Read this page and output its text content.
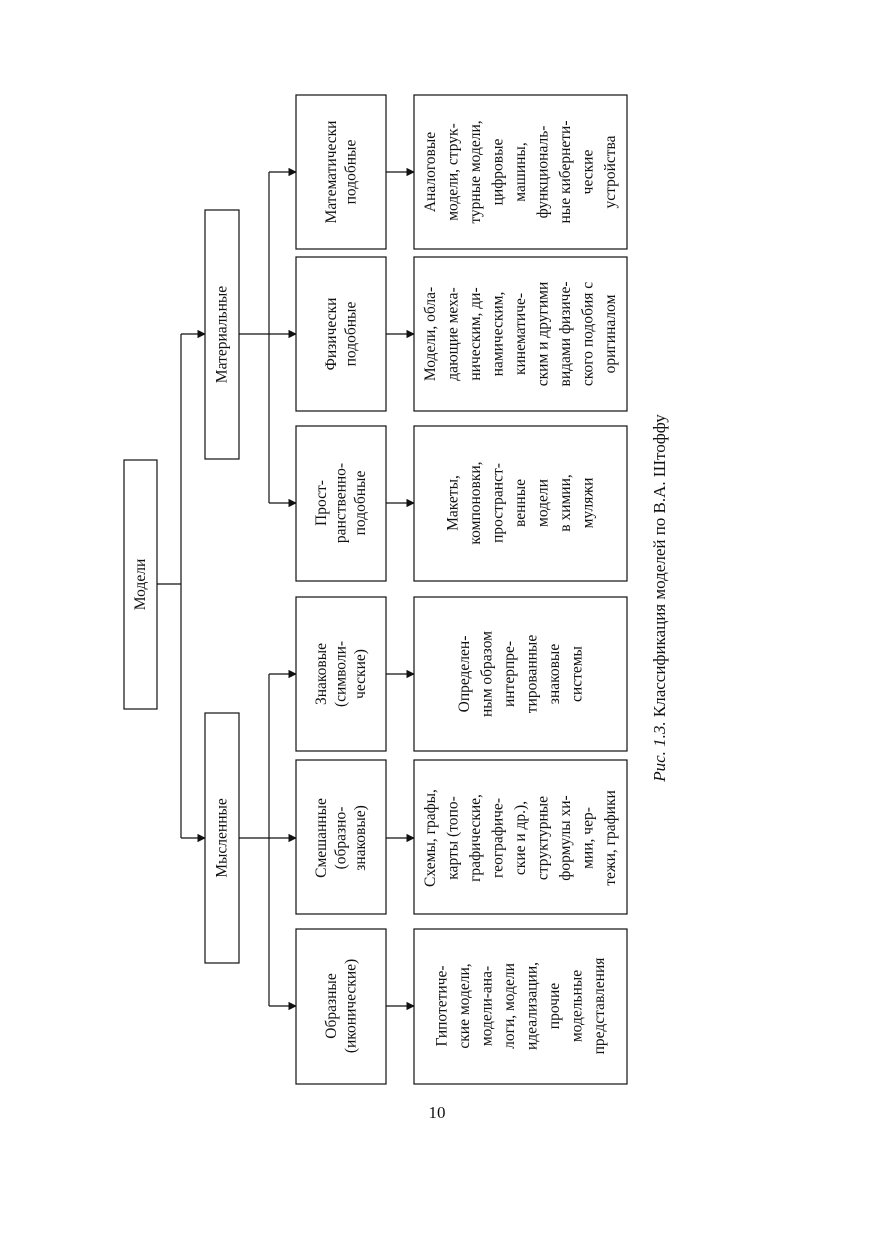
Модели
Материальные
Мысленные
Математически подобные
Физически подобные
Прост- ранственно- подобные
Знаковые (символи- ческие)
Смешанные (образно- знаковые)
Образные (иконические)
Аналоговые модели, струк- турные модели, цифровые машины, функциональ- ные кибернети- ческие устройства
Модели, обла- дающие меха- ническим, ди- намическим, кинематиче- ским и другими видами физиче- ского подобия с оригиналом
Макеты, компоновки, пространст- венные модели в химии, муляжи
Определен- ным образом интерпре- тированные знаковые системы
Схемы, графы, карты (топо- графические, географиче- ские и др.), структурные формулы хи- мии, чер- тежи, графики
Гипотетиче- ские модели, модели-ана- логи, модели идеализации, прочие модельные представления
Рис. 1.3. Классификация моделей по В.А. Штоффу
10
